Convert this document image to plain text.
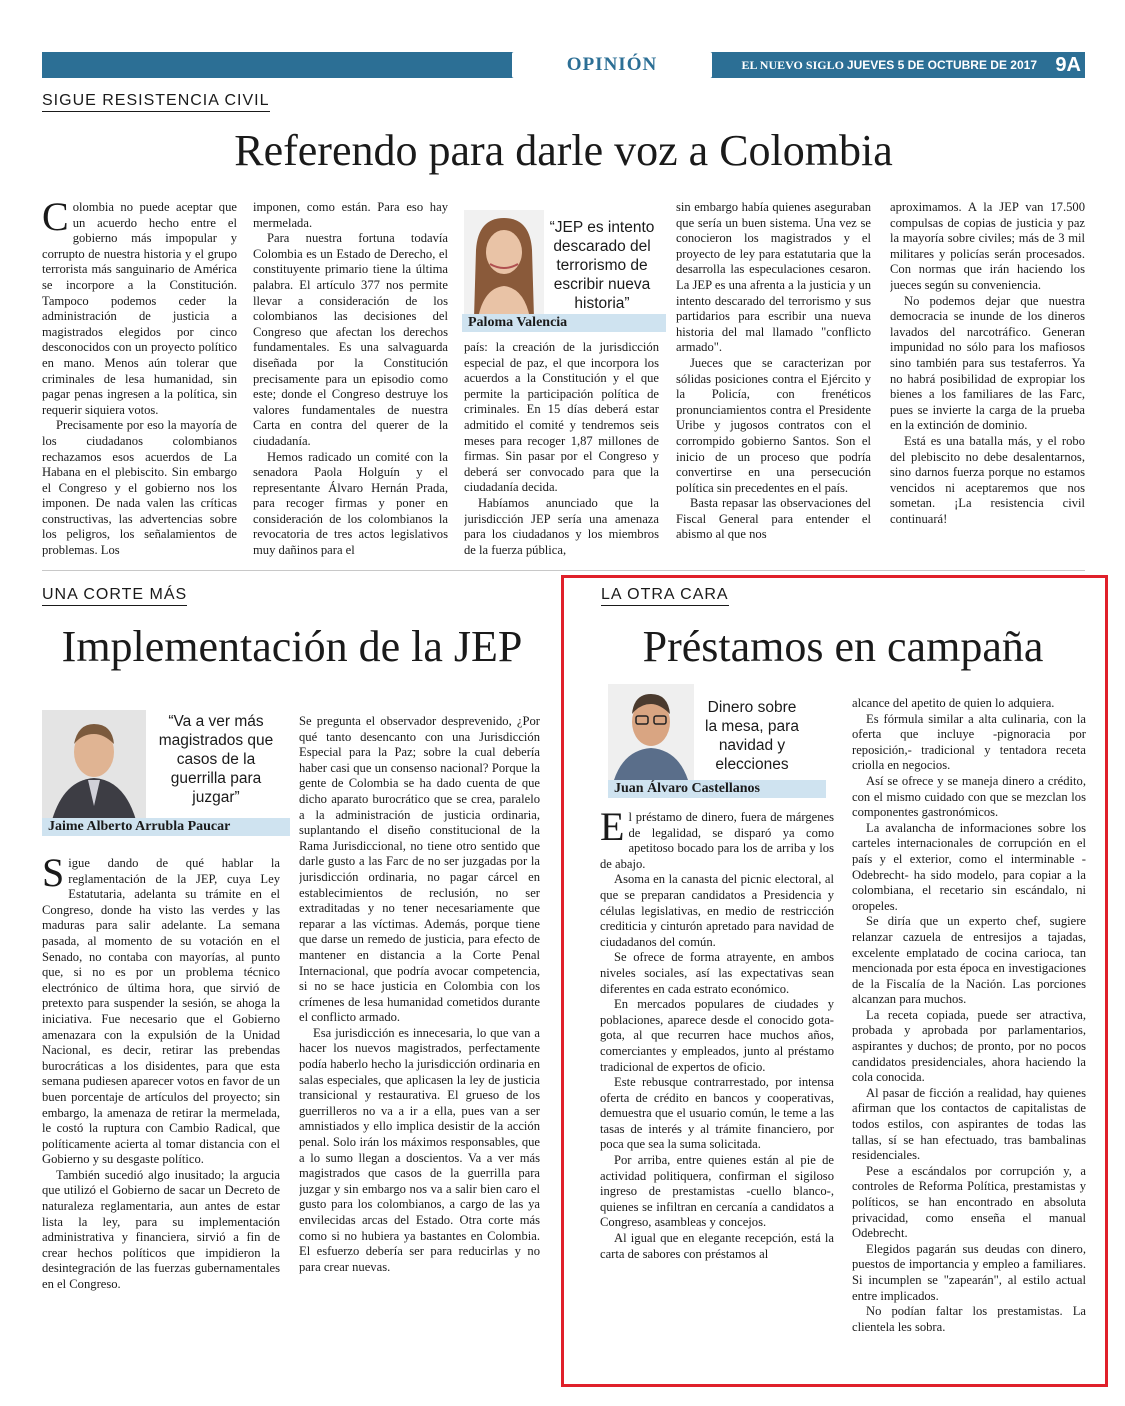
OPINIÓN	EL NUEVO SIGLO JUEVES 5 DE OCTUBRE DE 2017 9A
SIGUE RESISTENCIA CIVIL
Referendo para darle voz a Colombia

Colombia no puede aceptar que un acuerdo hecho entre el gobierno más impopular y corrupto de nuestra historia y el grupo terrorista más sanguinario de América se incorpore a la Constitución. Tampoco podemos ceder la administración de justicia a magistrados elegidos por cinco desconocidos con un proyecto político en mano. Menos aún tolerar que criminales de lesa humanidad, sin pagar penas ingresen a la política, sin requerir siquiera votos.

Precisamente por eso la mayoría de los ciudadanos colombianos rechazamos esos acuerdos de La Habana en el plebiscito. Sin embargo el Congreso y el gobierno nos los imponen. De nada valen las críticas constructivas, las advertencias sobre los peligros, los señalamientos de problemas. Los

imponen, como están. Para eso hay mermelada.

Para nuestra fortuna todavía Colombia es un Estado de Derecho, el constituyente primario tiene la última palabra. El artículo 377 nos permite llevar a consideración de los colombianos las decisiones del Congreso que afectan los derechos fundamentales. Es una salvaguarda diseñada por la Constitución precisamente para un episodio como este; donde el Congreso destruye los valores fundamentales de nuestra Carta en contra del querer de la ciudadanía.

Hemos radicado un comité con la senadora Paola Holguín y el representante Álvaro Hernán Prada, para recoger firmas y poner en consideración de los colombianos la revocatoria de tres actos legislativos muy dañinos para el

“JEP es intento descarado del terrorismo de escribir nueva historia”
Paloma Valencia

país: la creación de la jurisdicción especial de paz, el que incorpora los acuerdos a la Constitución y el que permite la participación política de criminales. En 15 días deberá estar admitido el comité y tendremos seis meses para recoger 1,87 millones de firmas. Sin pasar por el Congreso y deberá ser convocado para que la ciudadanía decida.

Habíamos anunciado que la jurisdicción JEP sería una amenaza para los ciudadanos y los miembros de la fuerza pública,

sin embargo había quienes aseguraban que sería un buen sistema. Una vez se conocieron los magistrados y el proyecto de ley para estatutaria que la desarrolla las especulaciones cesaron. La JEP es una afrenta a la justicia y un intento descarado del terrorismo y sus partidarios para escribir una nueva historia del mal llamado "conflicto armado".

Jueces que se caracterizan por sólidas posiciones contra el Ejército y la Policía, con frenéticos pronunciamientos contra el Presidente Uribe y jugosos contratos con el corrompido gobierno Santos. Son el inicio de un proceso que podría convertirse en una persecución política sin precedentes en el país.

Basta repasar las observaciones del Fiscal General para entender el abismo al que nos

aproximamos. A la JEP van 17.500 compulsas de copias de justicia y paz la mayoría sobre civiles; más de 3 mil militares y policías serán procesados. Con normas que irán haciendo los jueces según su conveniencia.

No podemos dejar que nuestra democracia se inunde de los dineros lavados del narcotráfico. Generan impunidad no sólo para los mafiosos sino también para sus testaferros. Ya no habrá posibilidad de expropiar los bienes a los familiares de las Farc, pues se invierte la carga de la prueba en la extinción de dominio.

Está es una batalla más, y el robo del plebiscito no debe desalentarnos, sino darnos fuerza porque no estamos vencidos ni aceptaremos que nos sometan. ¡La resistencia civil continuará!

UNA CORTE MÁS
Implementación de la JEP
“Va a ver más magistrados que casos de la guerrilla para juzgar”
Jaime Alberto Arrubla Paucar

Sigue dando de qué hablar la reglamentación de la JEP, cuya Ley Estatutaria, adelanta su trámite en el Congreso, donde ha visto las verdes y las maduras para salir adelante. La semana pasada, al momento de su votación en el Senado, no contaba con mayorías, al punto que, si no es por un problema técnico electrónico de última hora, que sirvió de pretexto para suspender la sesión, se ahoga la iniciativa. Fue necesario que el Gobierno amenazara con la expulsión de la Unidad Nacional, es decir, retirar las prebendas burocráticas a los disidentes, para que esta semana pudiesen aparecer votos en favor de un buen porcentaje de artículos del proyecto; sin embargo, la amenaza de retirar la mermelada, le costó la ruptura con Cambio Radical, que políticamente acierta al tomar distancia con el Gobierno y su desgaste político.

También sucedió algo inusitado; la argucia que utilizó el Gobierno de sacar un Decreto de naturaleza reglamentaria, aun antes de estar lista la ley, para su implementación administrativa y financiera, sirvió a fin de crear hechos políticos que impidieron la desintegración de las fuerzas gubernamentales en el Congreso.

Se pregunta el observador desprevenido, ¿Por qué tanto desencanto con una Jurisdicción Especial para la Paz; sobre la cual debería haber casi que un consenso nacional? Porque la gente de Colombia se ha dado cuenta de que dicho aparato burocrático que se crea, paralelo a la administración de justicia ordinaria, suplantando el diseño constitucional de la Rama Jurisdiccional, no tiene otro sentido que darle gusto a las Farc de no ser juzgadas por la jurisdicción ordinaria, no pagar cárcel en establecimientos de reclusión, no ser extraditadas y no tener necesariamente que reparar a las víctimas. Además, porque tiene que darse un remedo de justicia, para efecto de mantener en distancia a la Corte Penal Internacional, que podría avocar competencia, si no se hace justicia en Colombia con los crímenes de lesa humanidad cometidos durante el conflicto armado.

Esa jurisdicción es innecesaria, lo que van a hacer los nuevos magistrados, perfectamente podía haberlo hecho la jurisdicción ordinaria en salas especiales, que aplicasen la ley de justicia transicional y restaurativa. El grueso de los guerrilleros no va a ir a ella, pues van a ser amnistiados y ello implica desistir de la acción penal. Solo irán los máximos responsables, que a lo sumo llegan a doscientos. Va a ver más magistrados que casos de la guerrilla para juzgar y sin embargo nos va a salir bien caro el gusto para los colombianos, a cargo de las ya envilecidas arcas del Estado. Otra corte más como si no hubiera ya bastantes en Colombia. El esfuerzo debería ser para reducirlas y no para crear nuevas.

LA OTRA CARA
Préstamos en campaña
Dinero sobre la mesa, para navidad y elecciones
Juan Álvaro Castellanos

El préstamo de dinero, fuera de márgenes de legalidad, se disparó ya como apetitoso bocado para los de arriba y los de abajo.

Asoma en la canasta del picnic electoral, al que se preparan candidatos a Presidencia y células legislativas, en medio de restricción crediticia y cinturón apretado para navidad de ciudadanos del común.

Se ofrece de forma atrayente, en ambos niveles sociales, así las expectativas sean diferentes en cada estrato económico.

En mercados populares de ciudades y poblaciones, aparece desde el conocido gota-gota, al que recurren hace muchos años, comerciantes y empleados, junto al préstamo tradicional de expertos de oficio.

Este rebusque contrarrestado, por intensa oferta de crédito en bancos y cooperativas, demuestra que el usuario común, le teme a las tasas de interés y al trámite financiero, por poca que sea la suma solicitada.

Por arriba, entre quienes están al pie de actividad politiquera, confirman el sigiloso ingreso de prestamistas -cuello blanco-, quienes se infiltran en cercanía a candidatos a Congreso, asambleas y concejos.

Al igual que en elegante recepción, está la carta de sabores con préstamos al

alcance del apetito de quien lo adquiera.

Es fórmula similar a alta culinaria, con la oferta que incluye -pignoracia por reposición,- tradicional y tentadora receta criolla en negocios.

Así se ofrece y se maneja dinero a crédito, con el mismo cuidado con que se mezclan los componentes gastronómicos.

La avalancha de informaciones sobre los carteles internacionales de corrupción en el país y el exterior, como el interminable -Odebrecht- ha sido modelo, para copiar a la colombiana, el recetario sin escándalo, ni oropeles.

Se diría que un experto chef, sugiere relanzar cazuela de entresijos a tajadas, excelente emplatado de cocina carioca, tan mencionada por esta época en investigaciones de la Fiscalía de la Nación. Las porciones alcanzan para muchos.

La receta copiada, puede ser atractiva, probada y aprobada por parlamentarios, aspirantes y duchos; de pronto, por no pocos candidatos presidenciales, ahora haciendo la cola conocida.

Al pasar de ficción a realidad, hay quienes afirman que los contactos de capitalistas de todos estilos, con aspirantes de todas las tallas, sí se han efectuado, tras bambalinas residenciales.

Pese a escándalos por corrupción y, a controles de Reforma Política, prestamistas y políticos, se han encontrado en absoluta privacidad, como enseña el manual Odebrecht.

Elegidos pagarán sus deudas con dinero, puestos de importancia y empleo a familiares. Si incumplen se "zapearán", al estilo actual entre implicados.

No podían faltar los prestamistas. La clientela les sobra.
